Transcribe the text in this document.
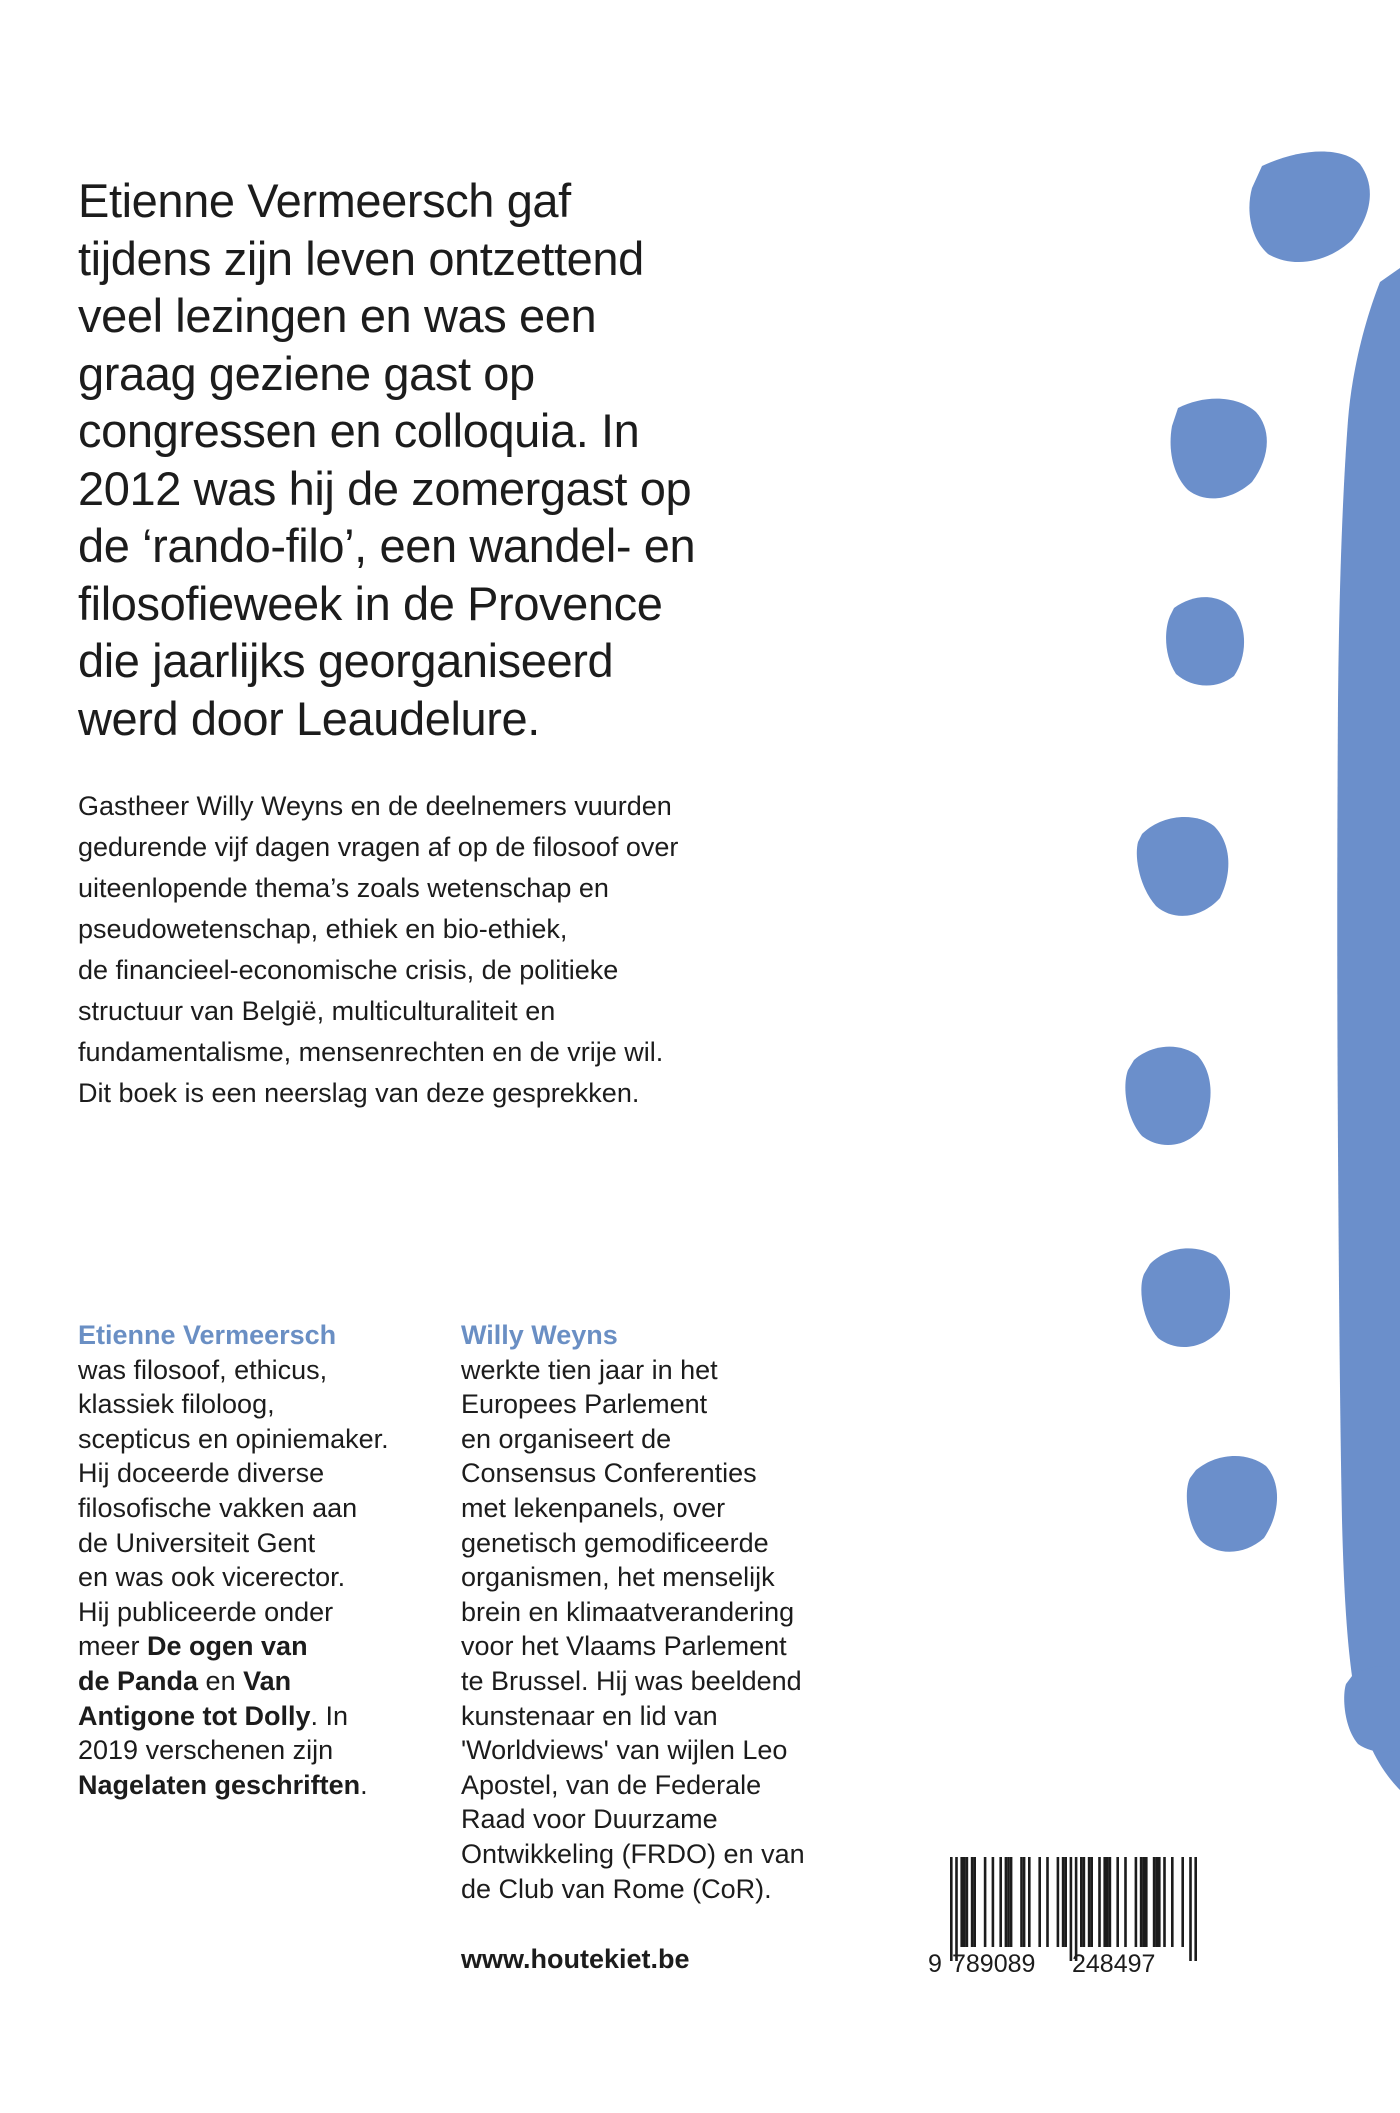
Etienne Vermeersch gaf
tijdens zijn leven ontzettend
veel lezingen en was een
graag geziene gast op
congressen en colloquia. In
2012 was hij de zomergast op
de ‘rando-filo’, een wandel- en
filosofieweek in de Provence
die jaarlijks georganiseerd
werd door Leaudelure.

Gastheer Willy Weyns en de deelnemers vuurden
gedurende vijf dagen vragen af op de filosoof over
uiteenlopende thema’s zoals wetenschap en
pseudowetenschap, ethiek en bio-ethiek,
de financieel-economische crisis, de politieke
structuur van België, multiculturaliteit en
fundamentalisme, mensenrechten en de vrije wil.
Dit boek is een neerslag van deze gesprekken.

Etienne Vermeersch
was filosoof, ethicus,
klassiek filoloog,
scepticus en opiniemaker.
Hij doceerde diverse
filosofische vakken aan
de Universiteit Gent
en was ook vicerector.
Hij publiceerde onder
meer De ogen van
de Panda en Van
Antigone tot Dolly. In
2019 verschenen zijn
Nagelaten geschriften.
Willy Weyns
werkte tien jaar in het
Europees Parlement
en organiseert de
Consensus Conferenties
met lekenpanels, over
genetisch gemodificeerde
organismen, het menselijk
brein en klimaatverandering
voor het Vlaams Parlement
te Brussel. Hij was beeldend
kunstenaar en lid van
'Worldviews' van wijlen Leo
Apostel, van de Federale
Raad voor Duurzame
Ontwikkeling (FRDO) en van
de Club van Rome (CoR).
www.houtekiet.be	9 789089 248497
